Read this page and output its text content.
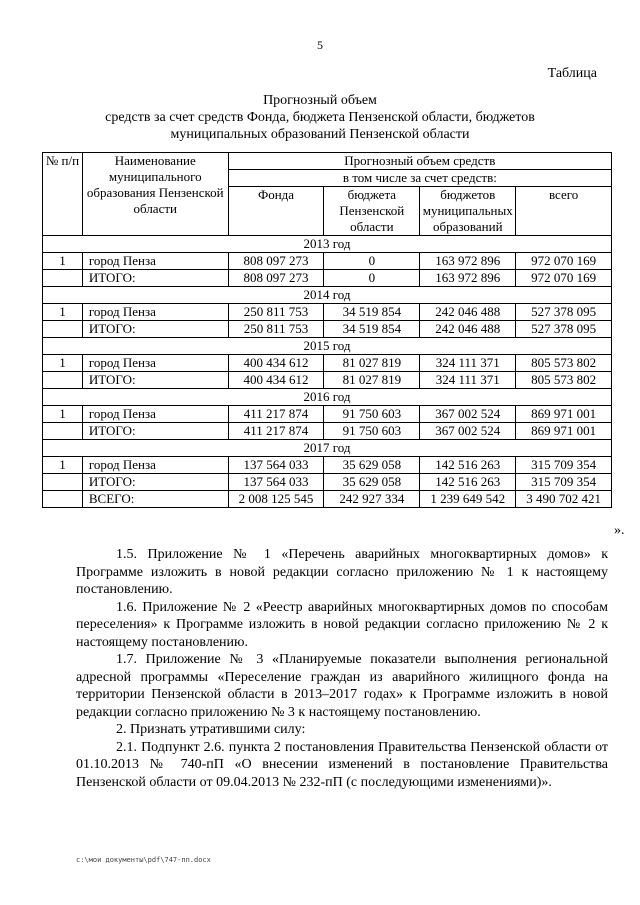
5
Таблица
Прогнозный объем
средств за счет средств Фонда, бюджета Пензенской области, бюджетов
муниципальных образований Пензенской области
№ п/п	Наименование муниципального образования Пензенской области	Прогнозный объем средств			
		в том числе за счет средств:			
		Фонда	бюджета Пензенской области	бюджетов муниципальных образований	всего
2013 год					
1	город Пенза	808 097 273	0	163 972 896	972 070 169
	ИТОГО:	808 097 273	0	163 972 896	972 070 169
2014 год					
1	город Пенза	250 811 753	34 519 854	242 046 488	527 378 095
	ИТОГО:	250 811 753	34 519 854	242 046 488	527 378 095
2015 год					
1	город Пенза	400 434 612	81 027 819	324 111 371	805 573 802
	ИТОГО:	400 434 612	81 027 819	324 111 371	805 573 802
2016 год					
1	город Пенза	411 217 874	91 750 603	367 002 524	869 971 001
	ИТОГО:	411 217 874	91 750 603	367 002 524	869 971 001
2017 год					
1	город Пенза	137 564 033	35 629 058	142 516 263	315 709 354
	ИТОГО:	137 564 033	35 629 058	142 516 263	315 709 354
	ВСЕГО:	2 008 125 545	242 927 334	1 239 649 542	3 490 702 421
».

1.5. Приложение № 1 «Перечень аварийных многоквартирных домов» к Программе изложить в новой редакции согласно приложению № 1 к настоящему постановлению.

1.6. Приложение № 2 «Реестр аварийных многоквартирных домов по способам переселения» к Программе изложить в новой редакции согласно приложению № 2 к настоящему постановлению.

1.7. Приложение № 3 «Планируемые показатели выполнения региональной адресной программы «Переселение граждан из аварийного жилищного фонда на территории Пензенской области в 2013–2017 годах» к Программе изложить в новой редакции согласно приложению № 3 к настоящему постановлению.

2. Признать утратившими силу:

2.1. Подпункт 2.6. пункта 2 постановления Правительства Пензенской области от 01.10.2013 № 740-пП «О внесении изменений в постановление Правительства Пензенской области от 09.04.2013 № 232-пП (с последующими изменениями)».

c:\мои документы\pdf\747-пп.docx
